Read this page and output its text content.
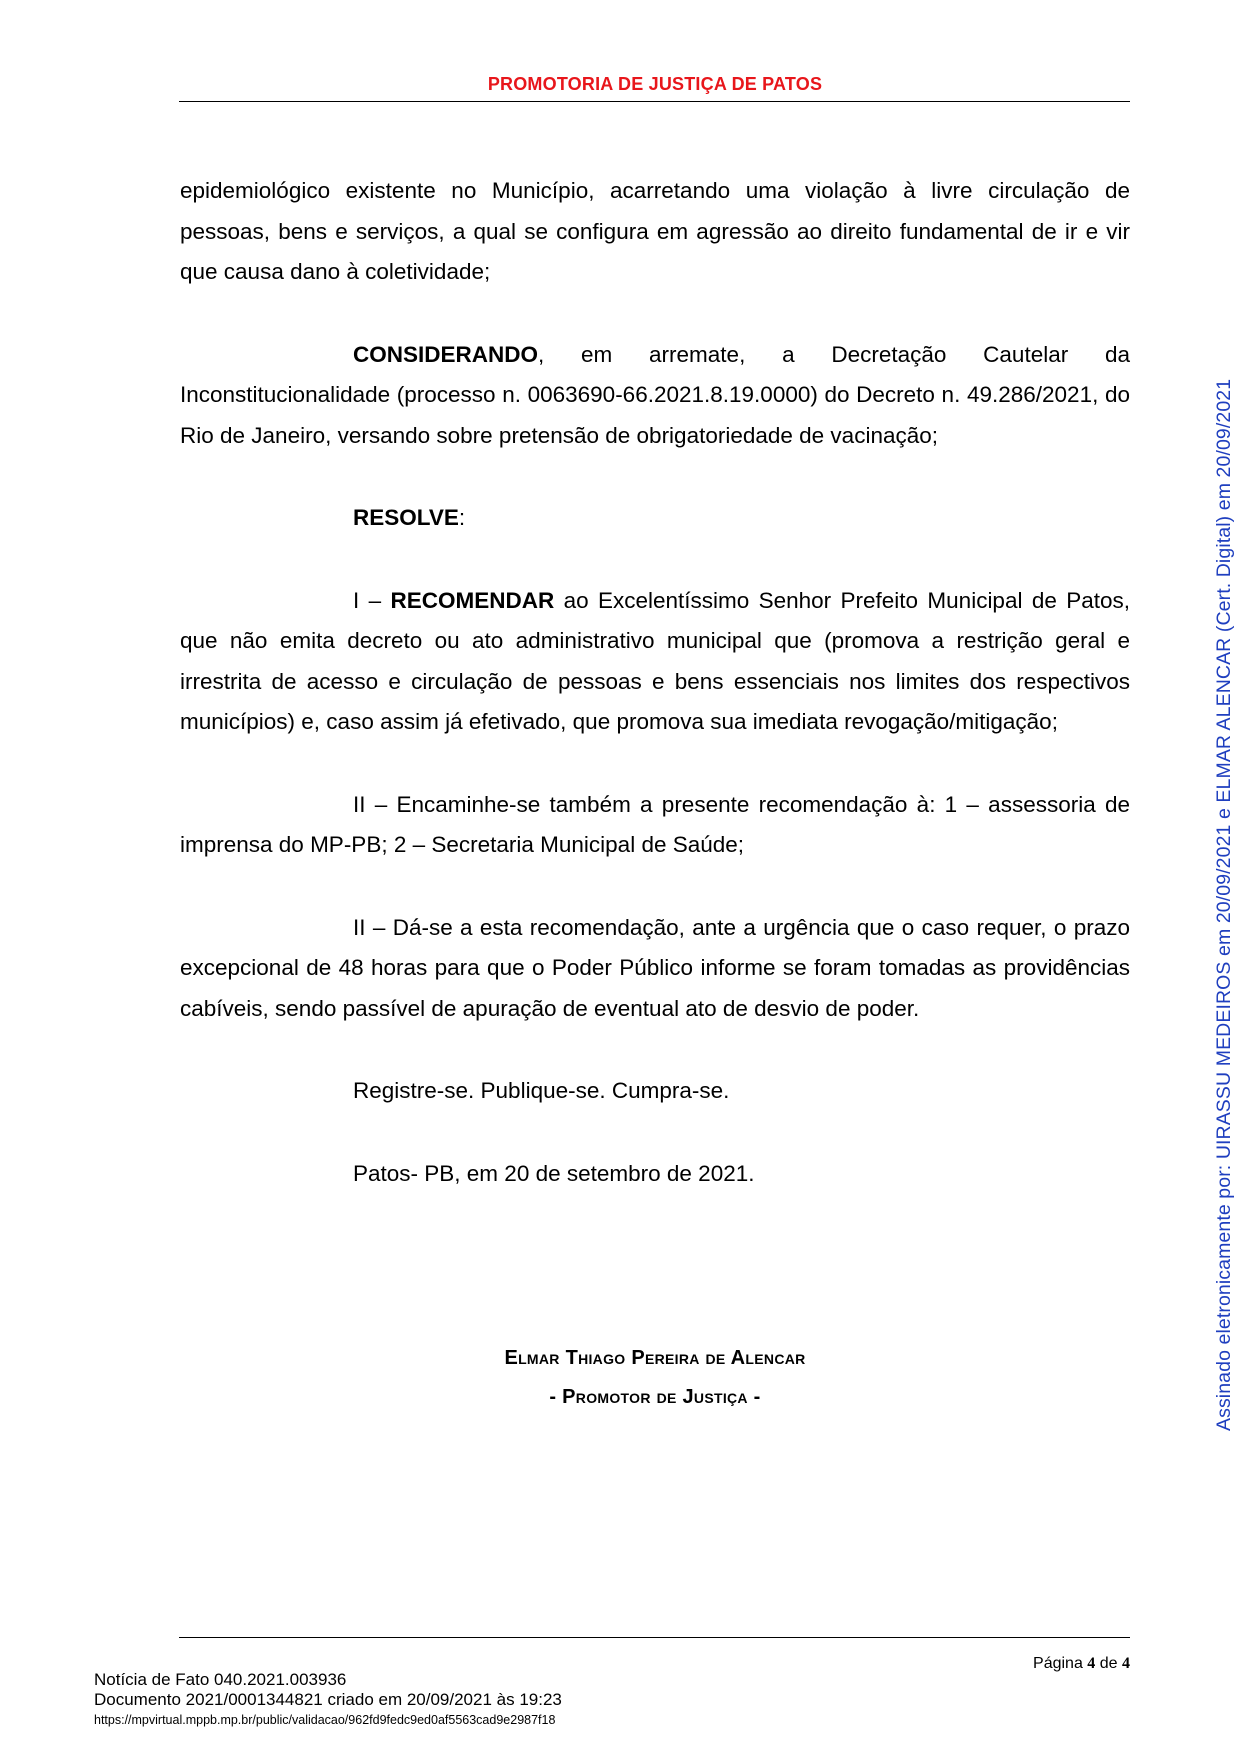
PROMOTORIA DE JUSTIÇA DE PATOS

epidemiológico existente no Município, acarretando uma violação à livre circulação de pessoas, bens e serviços, a qual se configura em agressão ao direito fundamental de ir e vir que causa dano à coletividade;

CONSIDERANDO, em arremate, a Decretação Cautelar da Inconstitucionalidade (processo n. 0063690-66.2021.8.19.0000) do Decreto n. 49.286/2021, do Rio de Janeiro, versando sobre pretensão de obrigatoriedade de vacinação;

RESOLVE:

I – RECOMENDAR ao Excelentíssimo Senhor Prefeito Municipal de Patos, que não emita decreto ou ato administrativo municipal que (promova a restrição geral e irrestrita de acesso e circulação de pessoas e bens essenciais nos limites dos respectivos municípios) e, caso assim já efetivado, que promova sua imediata revogação/mitigação;

II – Encaminhe-se também a presente recomendação à: 1 – assessoria de imprensa do MP-PB; 2 – Secretaria Municipal de Saúde;

II – Dá-se a esta recomendação, ante a urgência que o caso requer, o prazo excepcional de 48 horas para que o Poder Público informe se foram tomadas as providências cabíveis, sendo passível de apuração de eventual ato de desvio de poder.

Registre-se. Publique-se. Cumpra-se.

Patos- PB, em 20 de setembro de 2021.

Elmar Thiago Pereira de Alencar
- Promotor de Justiça -
Página 4 de 4
Notícia de Fato 040.2021.003936
Documento 2021/0001344821 criado em 20/09/2021 às 19:23
https://mpvirtual.mppb.mp.br/public/validacao/962fd9fedc9ed0af5563cad9e2987f18
Assinado eletronicamente por: UIRASSU MEDEIROS em 20/09/2021 e ELMAR ALENCAR (Cert. Digital) em 20/09/2021
